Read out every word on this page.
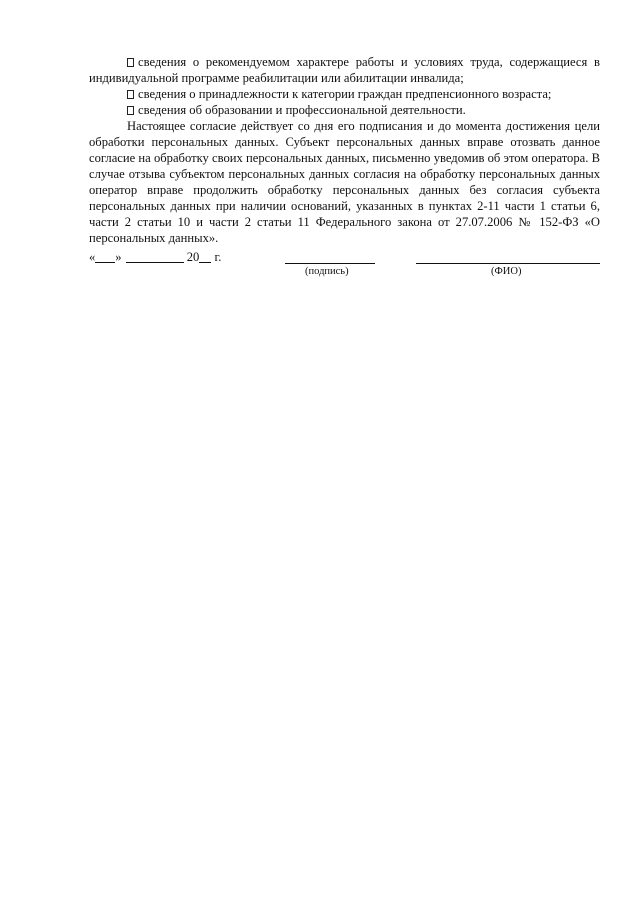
сведения о рекомендуемом характере работы и условиях труда, содержащиеся в индивидуальной программе реабилитации или абилитации инвалида;

сведения о принадлежности к категории граждан предпенсионного возраста;

сведения об образовании и профессиональной деятельности.

Настоящее согласие действует со дня его подписания и до момента достижения цели обработки персональных данных. Субъект персональных данных вправе отозвать данное согласие на обработку своих персональных данных, письменно уведомив об этом оператора. В случае отзыва субъектом персональных данных согласия на обработку персональных данных оператор вправе продолжить обработку персональных данных без согласия субъекта персональных данных при наличии оснований, указанных в пунктах 2-11 части 1 статьи 6, части 2 статьи 10 и части 2 статьи 11 Федерального закона от 27.07.2006 № 152-ФЗ «О персональных данных».

« »	20 г.
(подпись)	(ФИО)
